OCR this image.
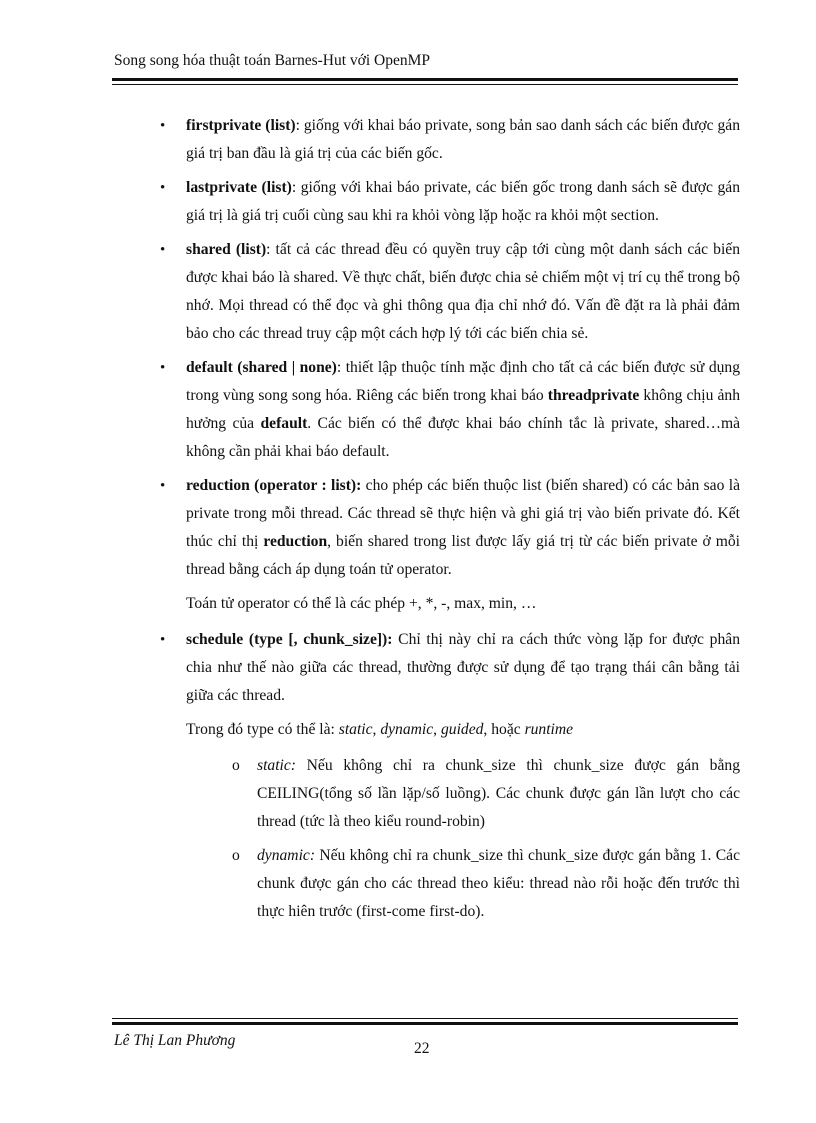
Song song hóa thuật toán Barnes-Hut với OpenMP
• firstprivate (list): giống với khai báo private, song bản sao danh sách các biến được gán giá trị ban đầu là giá trị của các biến gốc.
• lastprivate (list): giống với khai báo private, các biến gốc trong danh sách sẽ được gán giá trị là giá trị cuối cùng sau khi ra khỏi vòng lặp hoặc ra khỏi một section.
• shared (list): tất cả các thread đều có quyền truy cập tới cùng một danh sách các biến được khai báo là shared. Về thực chất, biến được chia sẻ chiếm một vị trí cụ thể trong bộ nhớ. Mọi thread có thể đọc và ghi thông qua địa chỉ nhớ đó. Vấn đề đặt ra là phải đảm bảo cho các thread truy cập một cách hợp lý tới các biến chia sẻ.
• default (shared | none): thiết lập thuộc tính mặc định cho tất cả các biến được sử dụng trong vùng song song hóa. Riêng các biến trong khai báo threadprivate không chịu ảnh hưởng của default. Các biến có thể được khai báo chính tắc là private, shared…mà không cần phải khai báo default.
• reduction (operator : list): cho phép các biến thuộc list (biến shared) có các bản sao là private trong mỗi thread. Các thread sẽ thực hiện và ghi giá trị vào biến private đó. Kết thúc chỉ thị reduction, biến shared trong list được lấy giá trị từ các biến private ở mỗi thread bằng cách áp dụng toán tử operator.
Toán tử operator có thể là các phép +, *, -, max, min, …
• schedule (type [, chunk_size]): Chỉ thị này chỉ ra cách thức vòng lặp for được phân chia như thế nào giữa các thread, thường được sử dụng để tạo trạng thái cân bằng tải giữa các thread.
Trong đó type có thể là: static, dynamic, guided, hoặc runtime
o static: Nếu không chỉ ra chunk_size thì chunk_size được gán bằng CEILING(tổng số lần lặp/số luồng). Các chunk được gán lần lượt cho các thread (tức là theo kiểu round-robin)
o dynamic: Nếu không chỉ ra chunk_size thì chunk_size được gán bằng 1. Các chunk được gán cho các thread theo kiểu: thread nào rỗi hoặc đến trước thì thực hiên trước (first-come first-do).
Lê Thị Lan Phương	22
